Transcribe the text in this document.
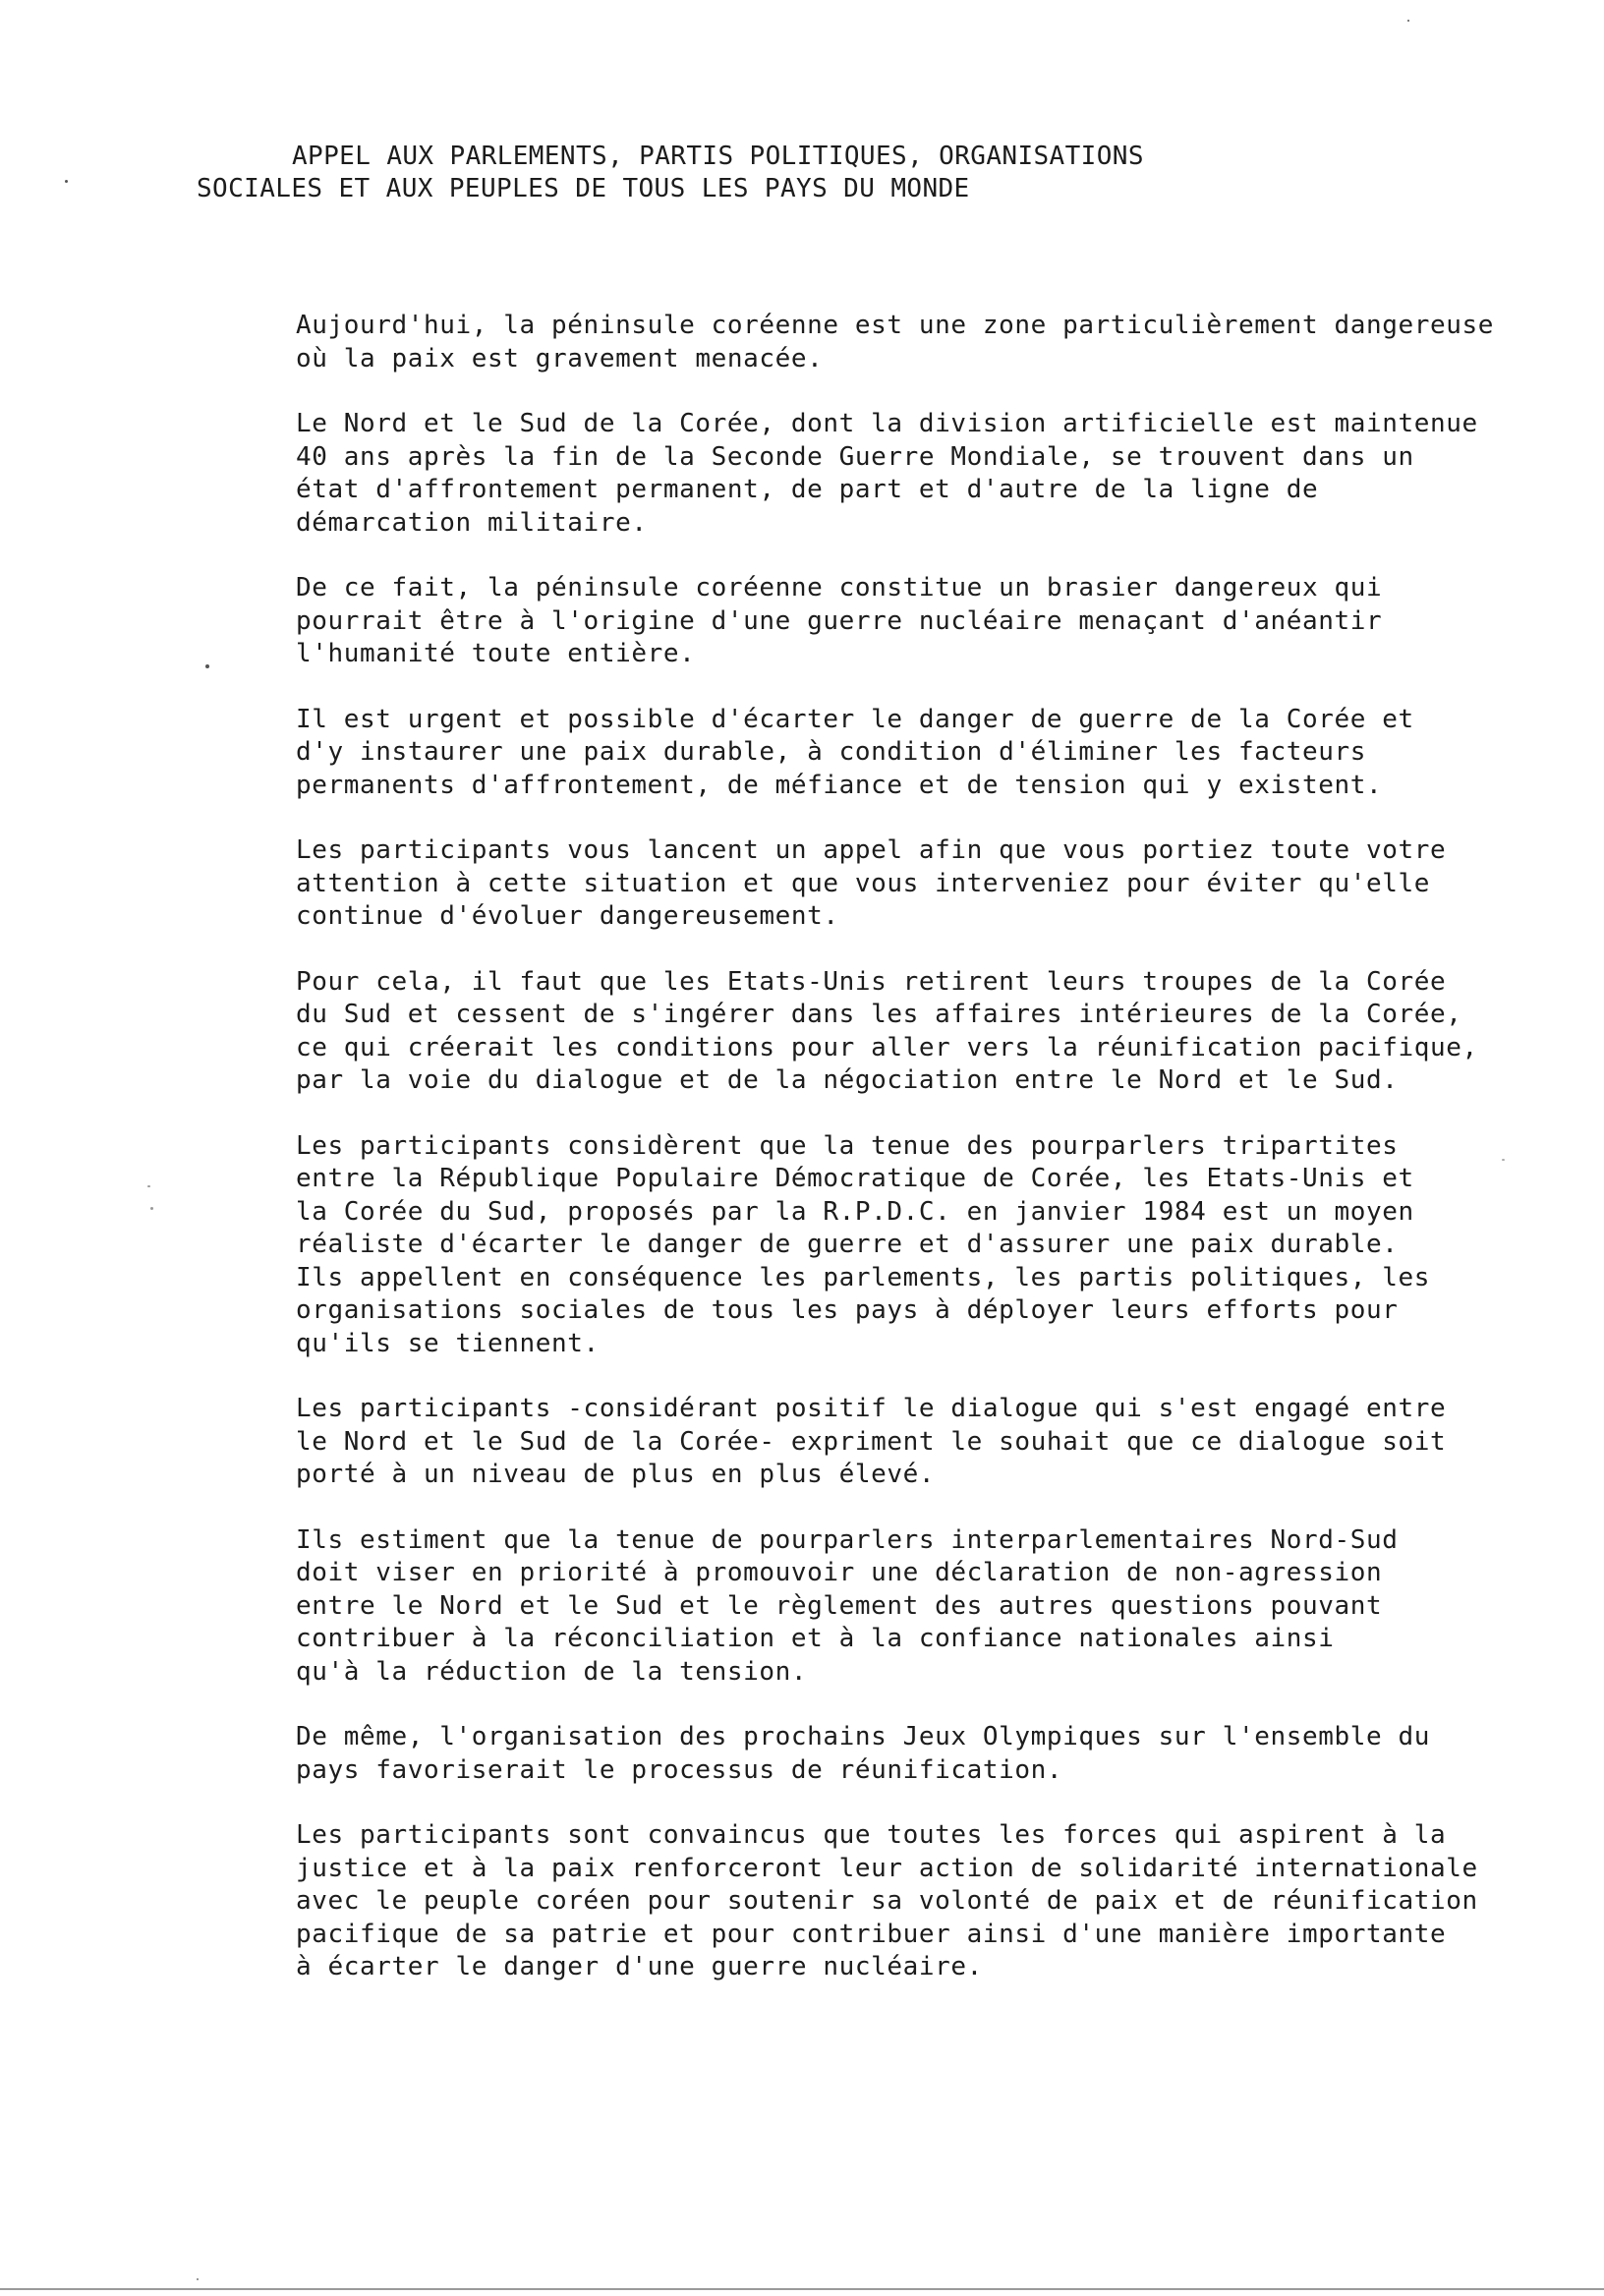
APPEL AUX PARLEMENTS, PARTIS POLITIQUES, ORGANISATIONS
SOCIALES ET AUX PEUPLES DE TOUS LES PAYS DU MONDE
Aujourd'hui, la péninsule coréenne est une zone particulièrement dangereuse
où la paix est gravement menacée.
Le Nord et le Sud de la Corée, dont la division artificielle est maintenue
40 ans après la fin de la Seconde Guerre Mondiale, se trouvent dans un
état d'affrontement permanent, de part et d'autre de la ligne de
démarcation militaire.
De ce fait, la péninsule coréenne constitue un brasier dangereux qui
pourrait être à l'origine d'une guerre nucléaire menaçant d'anéantir
l'humanité toute entière.
Il est urgent et possible d'écarter le danger de guerre de la Corée et
d'y instaurer une paix durable, à condition d'éliminer les facteurs
permanents d'affrontement, de méfiance et de tension qui y existent.
Les participants vous lancent un appel afin que vous portiez toute votre
attention à cette situation et que vous interveniez pour éviter qu'elle
continue d'évoluer dangereusement.
Pour cela, il faut que les Etats-Unis retirent leurs troupes de la Corée
du Sud et cessent de s'ingérer dans les affaires intérieures de la Corée,
ce qui créerait les conditions pour aller vers la réunification pacifique,
par la voie du dialogue et de la négociation entre le Nord et le Sud.
Les participants considèrent que la tenue des pourparlers tripartites
entre la République Populaire Démocratique de Corée, les Etats-Unis et
la Corée du Sud, proposés par la R.P.D.C. en janvier 1984 est un moyen
réaliste d'écarter le danger de guerre et d'assurer une paix durable.
Ils appellent en conséquence les parlements, les partis politiques, les
organisations sociales de tous les pays à déployer leurs efforts pour
qu'ils se tiennent.
Les participants -considérant positif le dialogue qui s'est engagé entre
le Nord et le Sud de la Corée- expriment le souhait que ce dialogue soit
porté à un niveau de plus en plus élevé.
Ils estiment que la tenue de pourparlers interparlementaires Nord-Sud
doit viser en priorité à promouvoir une déclaration de non-agression
entre le Nord et le Sud et le règlement des autres questions pouvant
contribuer à la réconciliation et à la confiance nationales ainsi
qu'à la réduction de la tension.
De même, l'organisation des prochains Jeux Olympiques sur l'ensemble du
pays favoriserait le processus de réunification.
Les participants sont convaincus que toutes les forces qui aspirent à la
justice et à la paix renforceront leur action de solidarité internationale
avec le peuple coréen pour soutenir sa volonté de paix et de réunification
pacifique de sa patrie et pour contribuer ainsi d'une manière importante
à écarter le danger d'une guerre nucléaire.
